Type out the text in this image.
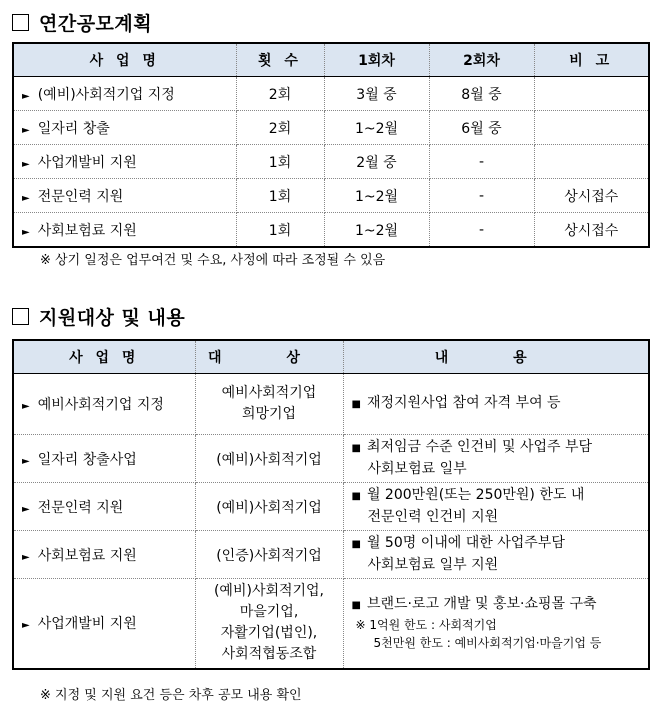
연간공모계획
사 업 명	횟 수	1회차	2회차	비 고
► (예비)사회적기업 지정	2회	3월 중	8월 중	
► 일자리 창출	2회	1~2월	6월 중	
► 사업개발비 지원	1회	2월 중	-	
► 전문인력 지원	1회	1~2월	-	상시접수
► 사회보험료 지원	1회	1~2월	-	상시접수
※ 상기 일정은 업무여건 및 수요, 사정에 따라 조정될 수 있음
지원대상 및 내용
사 업 명	대 상	내 용
► 예비사회적기업 지정	예비사회적기업
희망기업	■ 재정지원사업 참여 자격 부여 등

► 일자리 창출사업	(예비)사회적기업	■ 최저임금 수준 인건비 및 사업주 부담
사회보험료 일부

► 전문인력 지원	(예비)사회적기업	■ 월 200만원(또는 250만원) 한도 내
전문인력 인건비 지원

► 사회보험료 지원	(인증)사회적기업	■ 월 50명 이내에 대한 사업주부담
사회보험료 일부 지원

► 사업개발비 지원	(예비)사회적기업,
마을기업,
자활기업(법인),
사회적협동조합	■ 브랜드·로고 개발 및 홍보·쇼핑몰 구축
※ 1억원 한도 : 사회적기업
5천만원 한도 : 예비사회적기업·마을기업 등
※ 지정 및 지원 요건 등은 차후 공모 내용 확인
